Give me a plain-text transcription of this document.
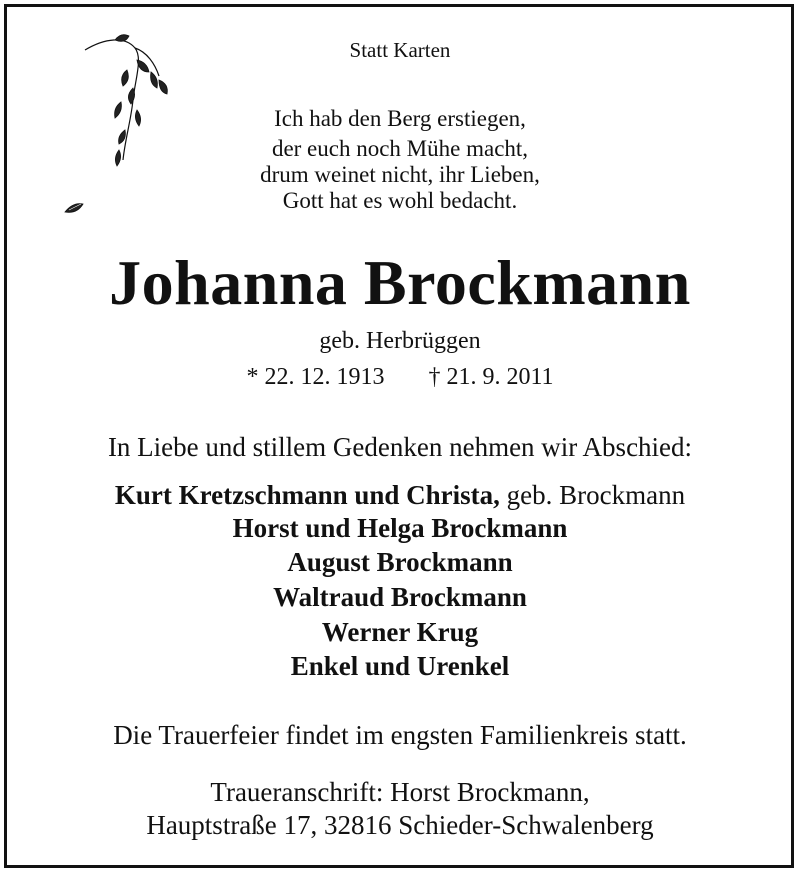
Statt Karten
Ich hab den Berg erstiegen,
der euch noch Mühe macht,
drum weinet nicht, ihr Lieben,
Gott hat es wohl bedacht.
Johanna Brockmann
geb. Herbrüggen
* 22. 12. 1913 † 21. 9. 2011
In Liebe und stillem Gedenken nehmen wir Abschied:
Kurt Kretzschmann und Christa, geb. Brockmann
Horst und Helga Brockmann
August Brockmann
Waltraud Brockmann
Werner Krug
Enkel und Urenkel
Die Trauerfeier findet im engsten Familienkreis statt.
Traueranschrift: Horst Brockmann,
Hauptstraße 17, 32816 Schieder-Schwalenberg
